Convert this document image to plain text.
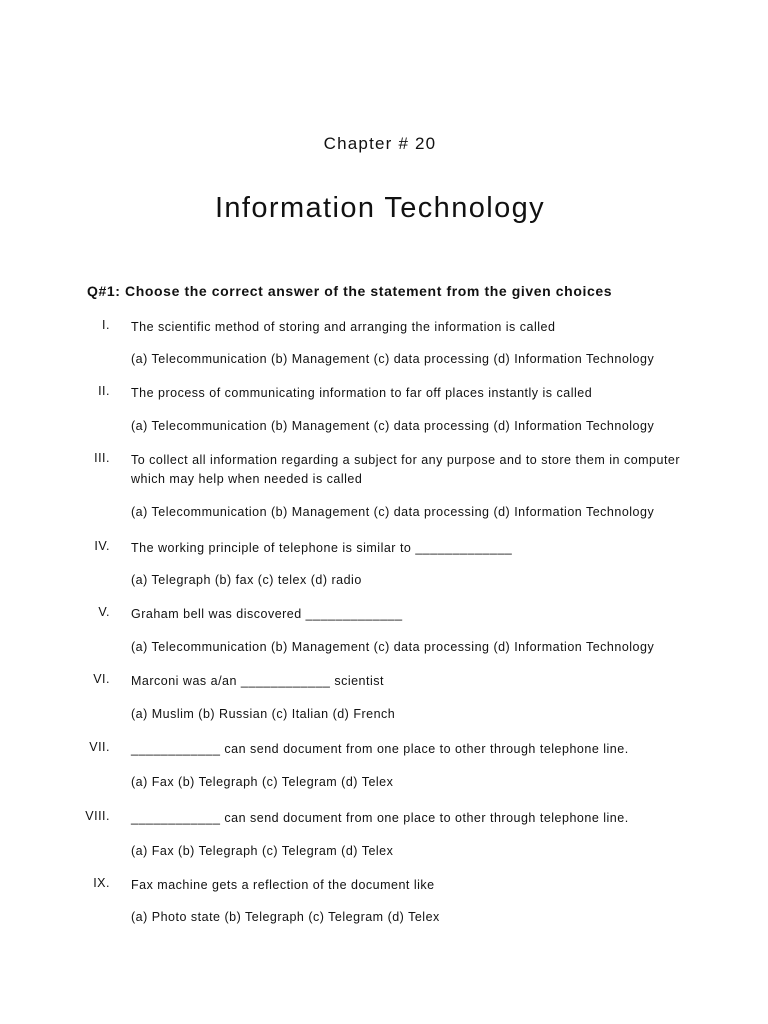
Chapter # 20
Information Technology
Q#1: Choose the correct answer of the statement from the given choices
I. The scientific method of storing and arranging the information is called
(a) Telecommunication (b) Management (c) data processing (d) Information Technology
II. The process of communicating information to far off places instantly is called
(a) Telecommunication (b) Management (c) data processing (d) Information Technology
III. To collect all information regarding a subject for any purpose and to store them in computer which may help when needed is called
(a) Telecommunication (b) Management (c) data processing (d) Information Technology
IV. The working principle of telephone is similar to _____________
(a) Telegraph (b) fax (c) telex (d) radio
V. Graham bell was discovered _____________
(a) Telecommunication (b) Management (c) data processing (d) Information Technology
VI. Marconi was a/an ____________ scientist
(a) Muslim (b) Russian (c) Italian (d) French
VII. ____________ can send document from one place to other through telephone line.
(a) Fax (b) Telegraph (c) Telegram (d) Telex
VIII. ____________ can send document from one place to other through telephone line.
(a) Fax (b) Telegraph (c) Telegram (d) Telex
IX. Fax machine gets a reflection of the document like
(a) Photo state (b) Telegraph (c) Telegram (d) Telex
